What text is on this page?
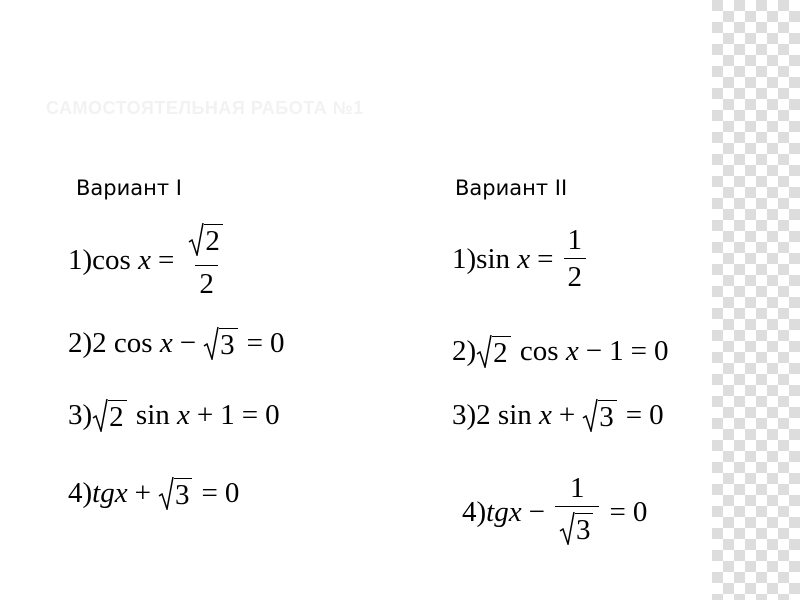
САМОСТОЯТЕЛЬНАЯ РАБОТА №1
Вариант I	Вариант II
1) cos
$x = \frac{2}{2}$
2) 2
cos
x − 3 = 0
3) 2
sin
x + 1 = 0
4) tgx + 3 = 0
1) sin
$x = \frac{1}{2}$
2) 2
cos
x − 1 = 0
3) 2
sin
x + 3 = 0
4) tgx − $\frac{1}{3} = 0$
